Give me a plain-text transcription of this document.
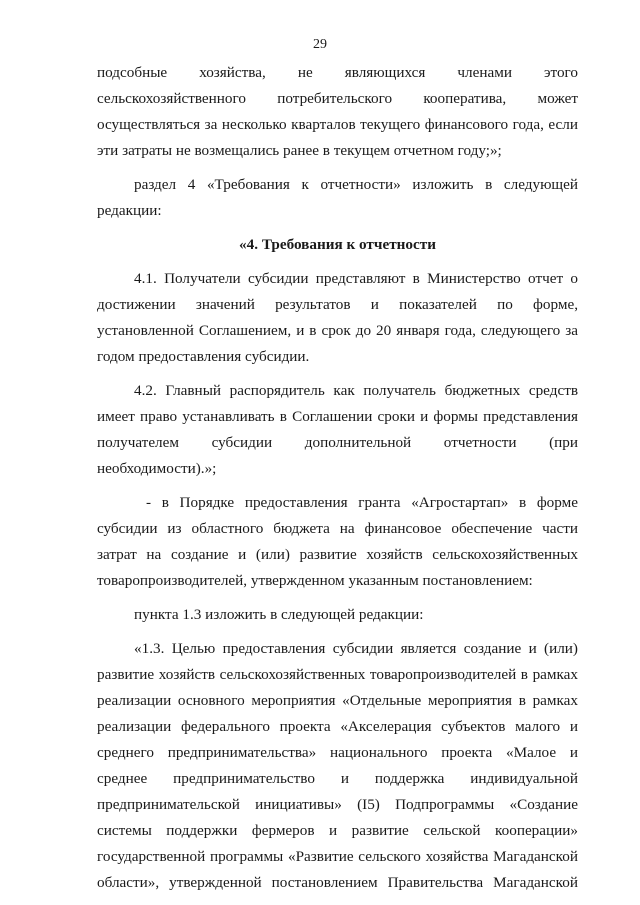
29

подсобные хозяйства, не являющихся членами этого сельскохозяйственного потребительского кооператива, может осуществляться за несколько кварталов текущего финансового года, если эти затраты не возмещались ранее в текущем отчетном году;»;

раздел 4 «Требования к отчетности» изложить в следующей редакции:

«4. Требования к отчетности

4.1. Получатели субсидии представляют в Министерство отчет о достижении значений результатов и показателей по форме, установленной Соглашением, и в срок до 20 января года, следующего за годом предоставления субсидии.

4.2. Главный распорядитель как получатель бюджетных средств имеет право устанавливать в Соглашении сроки и формы представления получателем субсидии дополнительной отчетности (при необходимости).»;

- в Порядке предоставления гранта «Агростартап» в форме субсидии из областного бюджета на финансовое обеспечение части затрат на создание и (или) развитие хозяйств сельскохозяйственных товаропроизводителей, утвержденном указанным постановлением:

пункта 1.3 изложить в следующей редакции:

«1.3. Целью предоставления субсидии является создание и (или) развитие хозяйств сельскохозяйственных товаропроизводителей в рамках реализации основного мероприятия «Отдельные мероприятия в рамках реализации федерального проекта «Акселерация субъектов малого и среднего предпринимательства» национального проекта «Малое и среднее предпринимательство и поддержка индивидуальной предпринимательской инициативы» (I5) Подпрограммы «Создание системы поддержки фермеров и развитие сельской кооперации» государственной программы «Развитие сельского хозяйства Магаданской области», утвержденной постановлением Правительства Магаданской
